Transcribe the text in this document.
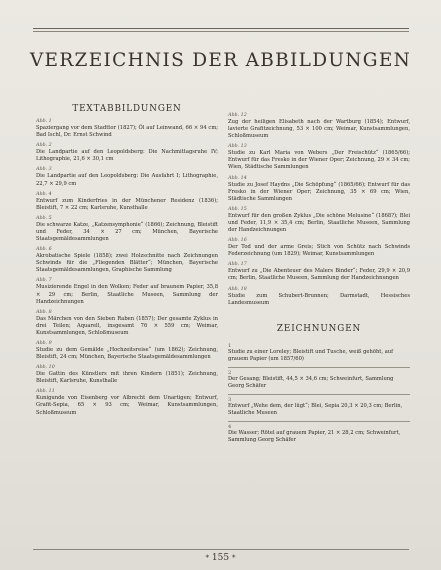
VERZEICHNIS DER ABBILDUNGEN
TEXTABBILDUNGEN
Abb. 1
Spaziergang vor dem Stadttor (1827); Öl auf Leinwand, 66 × 94 cm; Bad Ischl, Dr. Ernst Schwind
Abb. 2
Die Landpartie auf den Leopoldsberg: Die Nachmittagsruhe IV; Lithographie, 21,6 × 30,1 cm
Abb. 3
Die Landpartie auf den Leopoldsberg: Die Ausfahrt I; Lithographie, 22,7 × 29,9 cm
Abb. 4
Entwurf zum Kinderfries in der Münchener Residenz (1836); Bleistift, 7 × 22 cm; Karlsruhe, Kunsthalle
Abb. 5
Die schwarze Katze, „Katzensymphonie“ (1866); Zeichnung, Bleistift und Feder, 34 × 27 cm; München, Bayerische Staatsgemäldesammlungen
Abb. 6
Akrobatische Spiele (1858); zwei Holzschnitte nach Zeichnungen Schwinds für die „Fliegenden Blätter“; München, Bayerische Staatsgemäldesammlungen, Graphische Sammlung
Abb. 7
Musizierende Engel in den Wolken; Feder auf braunem Papier, 35,8 × 29 cm; Berlin, Staatliche Museen, Sammlung der Handzeichnungen
Abb. 8
Das Märchen von den Sieben Raben (1857); Der gesamte Zyklus in drei Teilen; Aquarell, insgesamt 76 × 559 cm; Weimar, Kunstsammlungen, Schloßmuseum
Abb. 9
Studie zu dem Gemälde „Hochzeitsreise“ (um 1862); Zeichnung, Bleistift, 24 cm; München, Bayerische Staatsgemäldesammlungen
Abb. 10
Die Gattin des Künstlers mit ihren Kindern (1851); Zeichnung, Bleistift, Karlsruhe, Kunsthalle
Abb. 11
Kunigunde von Eisenberg vor Albrecht dem Unartigen; Entwurf, Grafit-Sepia, 65 × 93 cm; Weimar, Kunstsammlungen, Schloßmuseum
Abb. 12
Zug der heiligen Elisabeth nach der Wartburg (1854); Entwurf, lavierte Grafitzeichnung, 53 × 100 cm; Weimar, Kunstsammlungen, Schloßmuseum
Abb. 13
Studie zu Karl Maria von Webers „Der Freischütz“ (1865/66); Entwurf für das Fresko in der Wiener Oper; Zeichnung, 29 × 34 cm; Wien, Städtische Sammlungen
Abb. 14
Studie zu Josef Haydns „Die Schöpfung“ (1865/66); Entwurf für das Fresko in der Wiener Oper; Zeichnung, 35 × 69 cm; Wien, Städtische Sammlungen
Abb. 15
Entwurf für den großen Zyklus „Die schöne Melusine“ (1868?); Blei und Feder, 11,9 × 35,4 cm; Berlin, Staatliche Museen, Sammlung der Handzeichnungen
Abb. 16
Der Tod und der arme Greis; Stich von Schütz nach Schwinds Federzeichnung (um 1829); Weimar, Kunstsammlungen
Abb. 17
Entwurf zu „Die Abenteuer des Malers Binder“; Feder, 29,9 × 20,9 cm; Berlin, Staatliche Museen, Sammlung der Handzeichnungen
Abb. 18
Studie zum Schubert-Brunnen; Darmstadt, Hessisches Landesmuseum
ZEICHNUNGEN
1
Studie zu einer Loreley; Bleistift und Tusche, weiß gehöht, auf grauem Papier (um 1857/60)
2
Der Gesang; Bleistift, 44,5 × 34,6 cm; Schweinfurt, Sammlung Georg Schäfer
3
Entwurf „Wehe dem, der lügt“; Blei, Sepia 20,3 × 20,3 cm; Berlin, Staatliche Museen
4
Die Wasser; Rötel auf grauem Papier, 21 × 28,2 cm; Schweinfurt, Sammlung Georg Schäfer
* 155 *
